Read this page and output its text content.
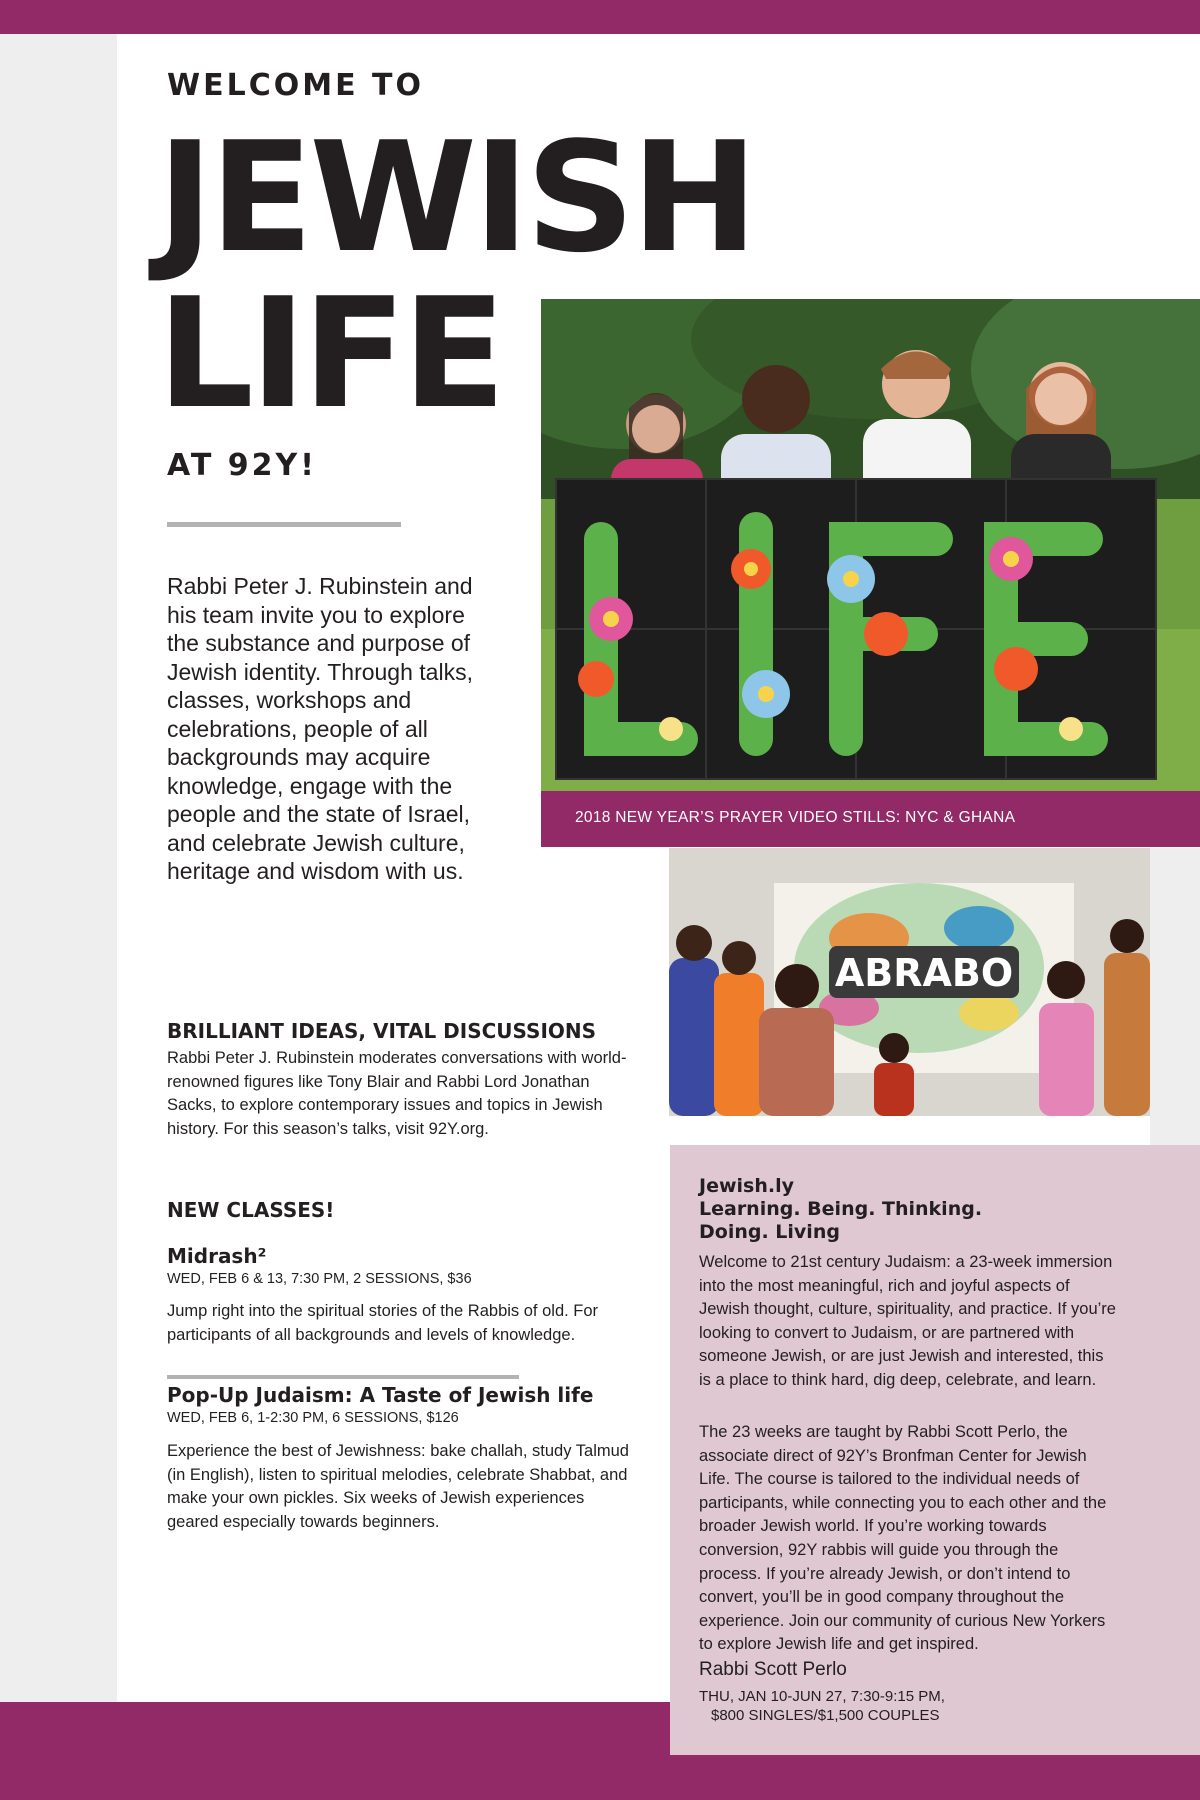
WELCOME TO
JEWISH
LIFE
AT 92Y!
Rabbi Peter J. Rubinstein and his team invite you to explore the substance and purpose of Jewish identity. Through talks, classes, workshops and celebrations, people of all backgrounds may acquire knowledge, engage with the people and the state of Israel, and celebrate Jewish culture, heritage and wisdom with us.
BRILLIANT IDEAS, VITAL DISCUSSIONS
Rabbi Peter J. Rubinstein moderates conversations with world-renowned figures like Tony Blair and Rabbi Lord Jonathan Sacks, to explore contemporary issues and topics in Jewish history. For this season’s talks, visit 92Y.org.
NEW CLASSES!
Midrash²
WED, FEB 6 & 13, 7:30 PM, 2 SESSIONS, $36
Jump right into the spiritual stories of the Rabbis of old. For participants of all backgrounds and levels of knowledge.
Pop-Up Judaism: A Taste of Jewish life
WED, FEB 6, 1-2:30 PM, 6 SESSIONS, $126
Experience the best of Jewishness: bake challah, study Talmud (in English), listen to spiritual melodies, celebrate Shabbat, and make your own pickles. Six weeks of Jewish experiences geared especially towards beginners.
2018 NEW YEAR’S PRAYER VIDEO STILLS: NYC & GHANA
ABRABO
Jewish.ly
Learning. Being. Thinking.
Doing. Living
Welcome to 21st century Judaism: a 23-week immersion into the most meaningful, rich and joyful aspects of Jewish thought, culture, spirituality, and practice. If you’re looking to convert to Judaism, or are partnered with someone Jewish, or are just Jewish and interested, this is a place to think hard, dig deep, celebrate, and learn.
The 23 weeks are taught by Rabbi Scott Perlo, the associate direct of 92Y’s Bronfman Center for Jewish Life. The course is tailored to the individual needs of participants, while connecting you to each other and the broader Jewish world. If you’re working towards conversion, 92Y rabbis will guide you through the process. If you’re already Jewish, or don’t intend to convert, you’ll be in good company throughout the experience. Join our community of curious New Yorkers to explore Jewish life and get inspired.
Rabbi Scott Perlo
THU, JAN 10-JUN 27, 7:30-9:15 PM,
$800 SINGLES/$1,500 COUPLES
